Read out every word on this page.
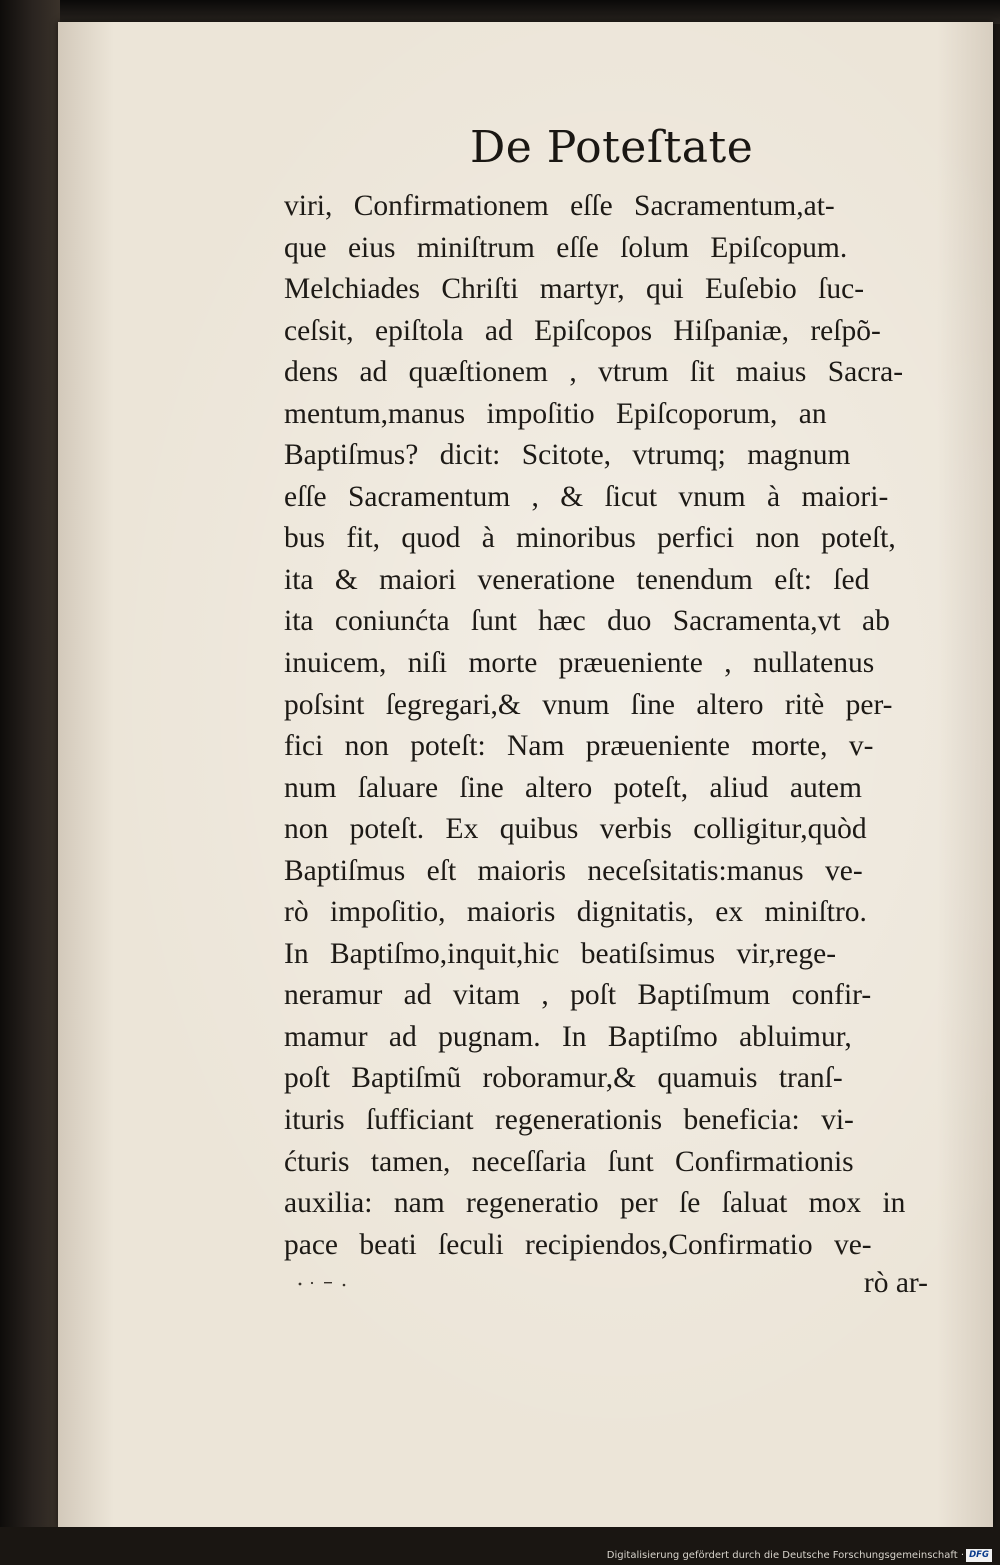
De Poteſtate
viri, Confirmationem eſſe Sacramentum,at-
que eius miniſtrum eſſe ſolum Epiſcopum.
Melchiades Chriſti martyr, qui Euſebio ſuc-
ceſsit, epiſtola ad Epiſcopos Hiſpaniæ, reſpõ-
dens ad quæſtionem , vtrum ſit maius Sacra-
mentum,manus impoſitio Epiſcoporum, an
Baptiſmus? dicit: Scitote, vtrumq; magnum
eſſe Sacramentum , & ſicut vnum à maiori-
bus fit, quod à minoribus perfici non poteſt,
ita & maiori veneratione tenendum eſt: ſed
ita coniunćta ſunt hæc duo Sacramenta,vt ab
inuicem, niſi morte præueniente , nullatenus
poſsint ſegregari,& vnum ſine altero ritè per-
fici non poteſt: Nam præueniente morte, v-
num ſaluare ſine altero poteſt, aliud autem
non poteſt. Ex quibus verbis colligitur,quòd
Baptiſmus eſt maioris neceſsitatis:manus ve-
rò impoſitio, maioris dignitatis, ex miniſtro.
In Baptiſmo,inquit,hic beatiſsimus vir,rege-
neramur ad vitam , poſt Baptiſmum confir-
mamur ad pugnam. In Baptiſmo abluimur,
poſt Baptiſmũ roboramur,& quamuis tranſ-
ituris ſufficiant regenerationis beneficia: vi-
ćturis tamen, neceſſaria ſunt Confirmationis
auxilia: nam regeneratio per ſe ſaluat mox in
pace beati ſeculi recipiendos,Confirmatio ve-
rò ar-
Digitalisierung gefördert durch die Deutsche Forschungsgemeinschaft · DFG
